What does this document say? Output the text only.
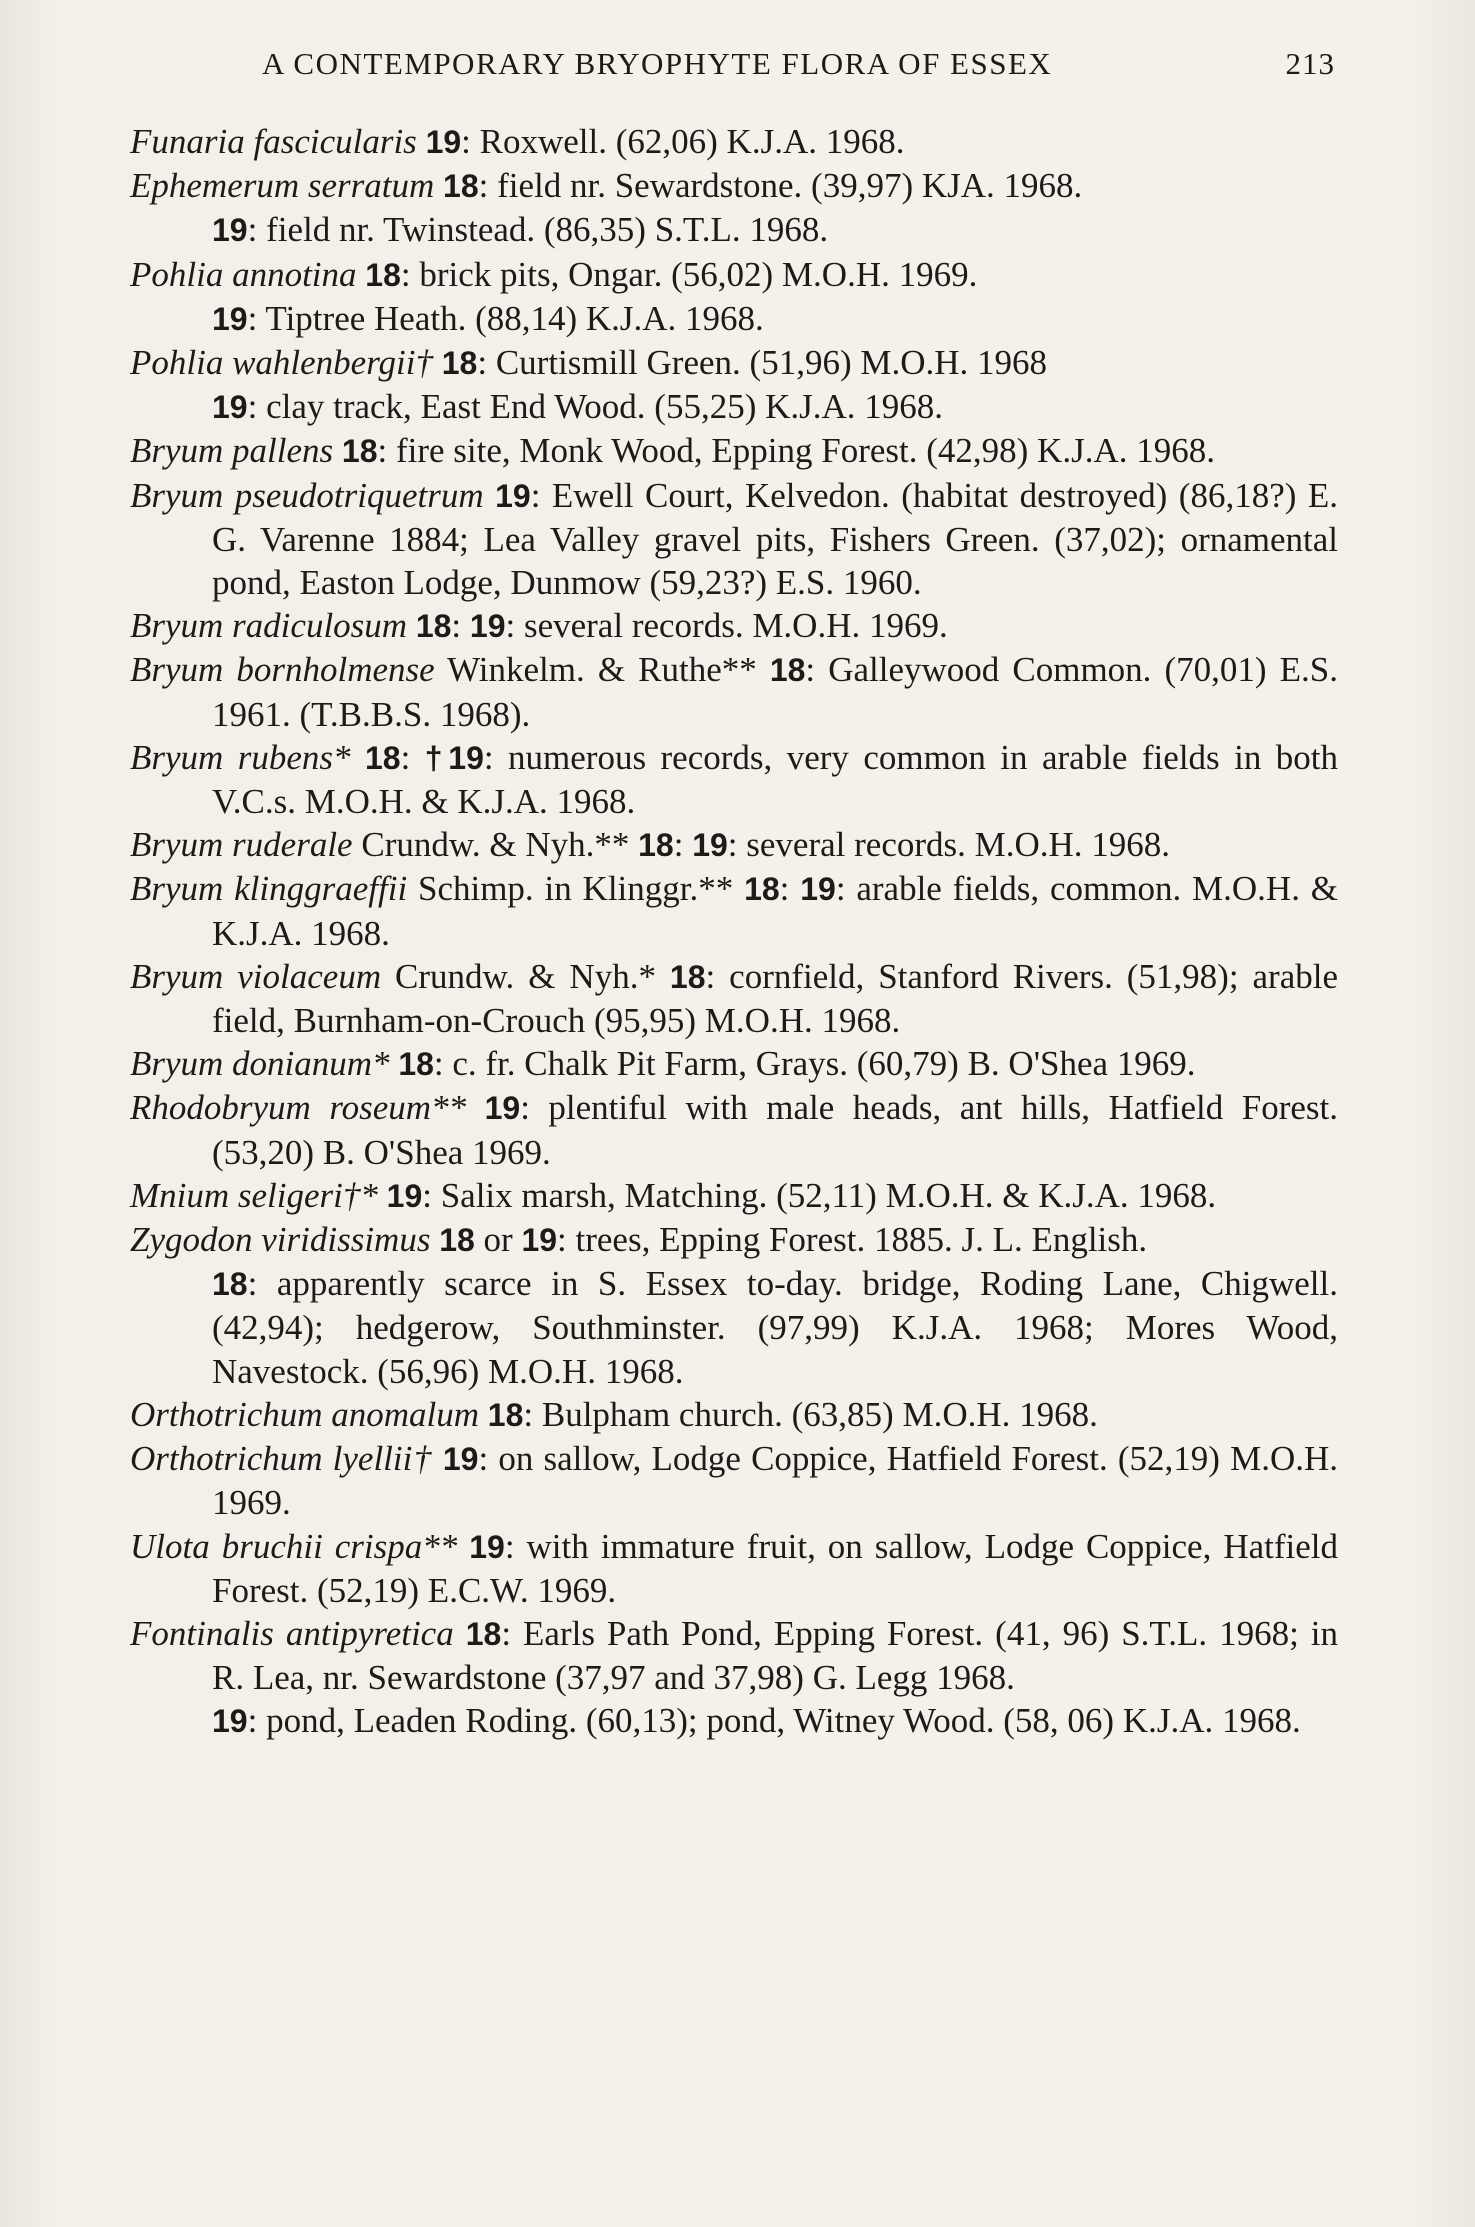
A CONTEMPORARY BRYOPHYTE FLORA OF ESSEX	213

Funaria fascicularis 19: Roxwell. (62,06) K.J.A. 1968.

Ephemerum serratum 18: field nr. Sewardstone. (39,97) KJA. 1968.

19: field nr. Twinstead. (86,35) S.T.L. 1968.

Pohlia annotina 18: brick pits, Ongar. (56,02) M.O.H. 1969.

19: Tiptree Heath. (88,14) K.J.A. 1968.

Pohlia wahlenbergii† 18: Curtismill Green. (51,96) M.O.H. 1968

19: clay track, East End Wood. (55,25) K.J.A. 1968.

Bryum pallens 18: fire site, Monk Wood, Epping Forest. (42,98) K.J.A. 1968.

Bryum pseudotriquetrum 19: Ewell Court, Kelvedon. (habitat destroyed) (86,18?) E. G. Varenne 1884; Lea Valley gravel pits, Fishers Green. (37,02); ornamental pond, Easton Lodge, Dunmow (59,23?) E.S. 1960.

Bryum radiculosum 18: 19: several records. M.O.H. 1969.

Bryum bornholmense Winkelm. & Ruthe** 18: Galleywood Common. (70,01) E.S. 1961. (T.B.B.S. 1968).

Bryum rubens* 18: †19: numerous records, very common in arable fields in both V.C.s. M.O.H. & K.J.A. 1968.

Bryum ruderale Crundw. & Nyh.** 18: 19: several records. M.O.H. 1968.

Bryum klinggraeffii Schimp. in Klinggr.** 18: 19: arable fields, common. M.O.H. & K.J.A. 1968.

Bryum violaceum Crundw. & Nyh.* 18: cornfield, Stanford Rivers. (51,98); arable field, Burnham-on-Crouch (95,95) M.O.H. 1968.

Bryum donianum* 18: c. fr. Chalk Pit Farm, Grays. (60,79) B. O'Shea 1969.

Rhodobryum roseum** 19: plentiful with male heads, ant hills, Hatfield Forest. (53,20) B. O'Shea 1969.

Mnium seligeri†* 19: Salix marsh, Matching. (52,11) M.O.H. & K.J.A. 1968.

Zygodon viridissimus 18 or 19: trees, Epping Forest. 1885. J. L. English.

18: apparently scarce in S. Essex to-day. bridge, Roding Lane, Chigwell. (42,94); hedgerow, Southminster. (97,99) K.J.A. 1968; Mores Wood, Navestock. (56,96) M.O.H. 1968.

Orthotrichum anomalum 18: Bulpham church. (63,85) M.O.H. 1968.

Orthotrichum lyellii† 19: on sallow, Lodge Coppice, Hatfield Forest. (52,19) M.O.H. 1969.

Ulota bruchii crispa** 19: with immature fruit, on sallow, Lodge Coppice, Hatfield Forest. (52,19) E.C.W. 1969.

Fontinalis antipyretica 18: Earls Path Pond, Epping Forest. (41, 96) S.T.L. 1968; in R. Lea, nr. Sewardstone (37,97 and 37,98) G. Legg 1968.

19: pond, Leaden Roding. (60,13); pond, Witney Wood. (58, 06) K.J.A. 1968.
